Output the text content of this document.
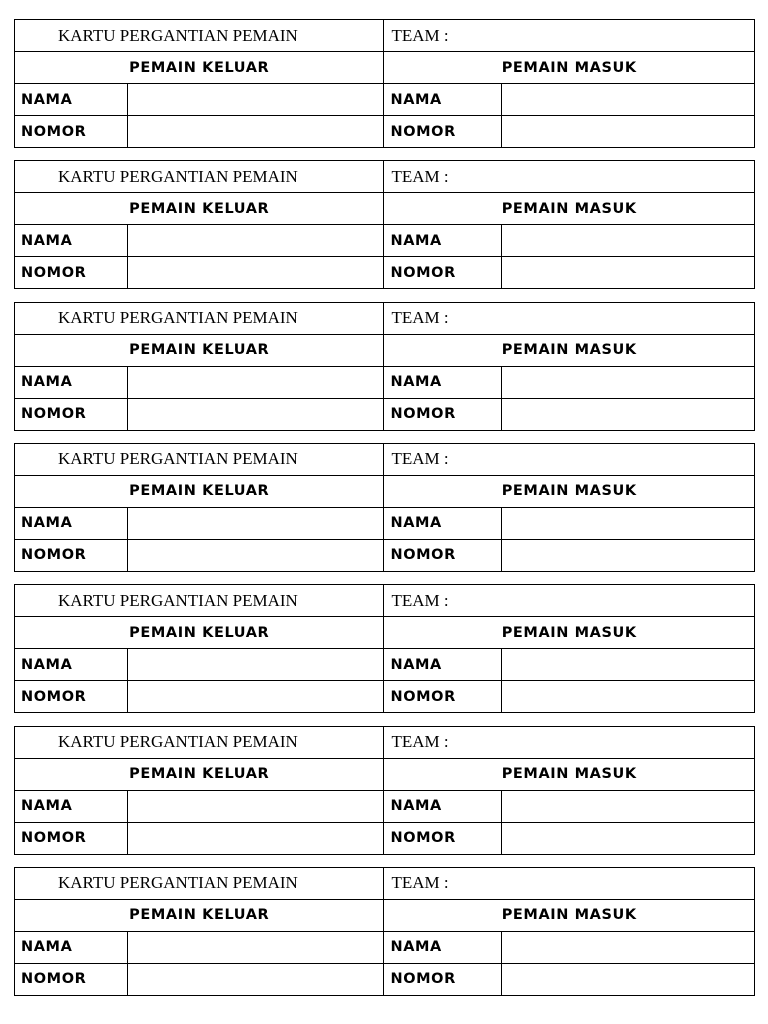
KARTU PERGANTIAN PEMAIN		TEAM :	
PEMAIN KELUAR		PEMAIN MASUK	
NAMA		NAMA	
NOMOR		NOMOR	
KARTU PERGANTIAN PEMAIN		TEAM :	
PEMAIN KELUAR		PEMAIN MASUK	
NAMA		NAMA	
NOMOR		NOMOR	
KARTU PERGANTIAN PEMAIN		TEAM :	
PEMAIN KELUAR		PEMAIN MASUK	
NAMA		NAMA	
NOMOR		NOMOR	
KARTU PERGANTIAN PEMAIN		TEAM :	
PEMAIN KELUAR		PEMAIN MASUK	
NAMA		NAMA	
NOMOR		NOMOR	
KARTU PERGANTIAN PEMAIN		TEAM :	
PEMAIN KELUAR		PEMAIN MASUK	
NAMA		NAMA	
NOMOR		NOMOR	
KARTU PERGANTIAN PEMAIN		TEAM :	
PEMAIN KELUAR		PEMAIN MASUK	
NAMA		NAMA	
NOMOR		NOMOR	
KARTU PERGANTIAN PEMAIN		TEAM :	
PEMAIN KELUAR		PEMAIN MASUK	
NAMA		NAMA	
NOMOR		NOMOR	
